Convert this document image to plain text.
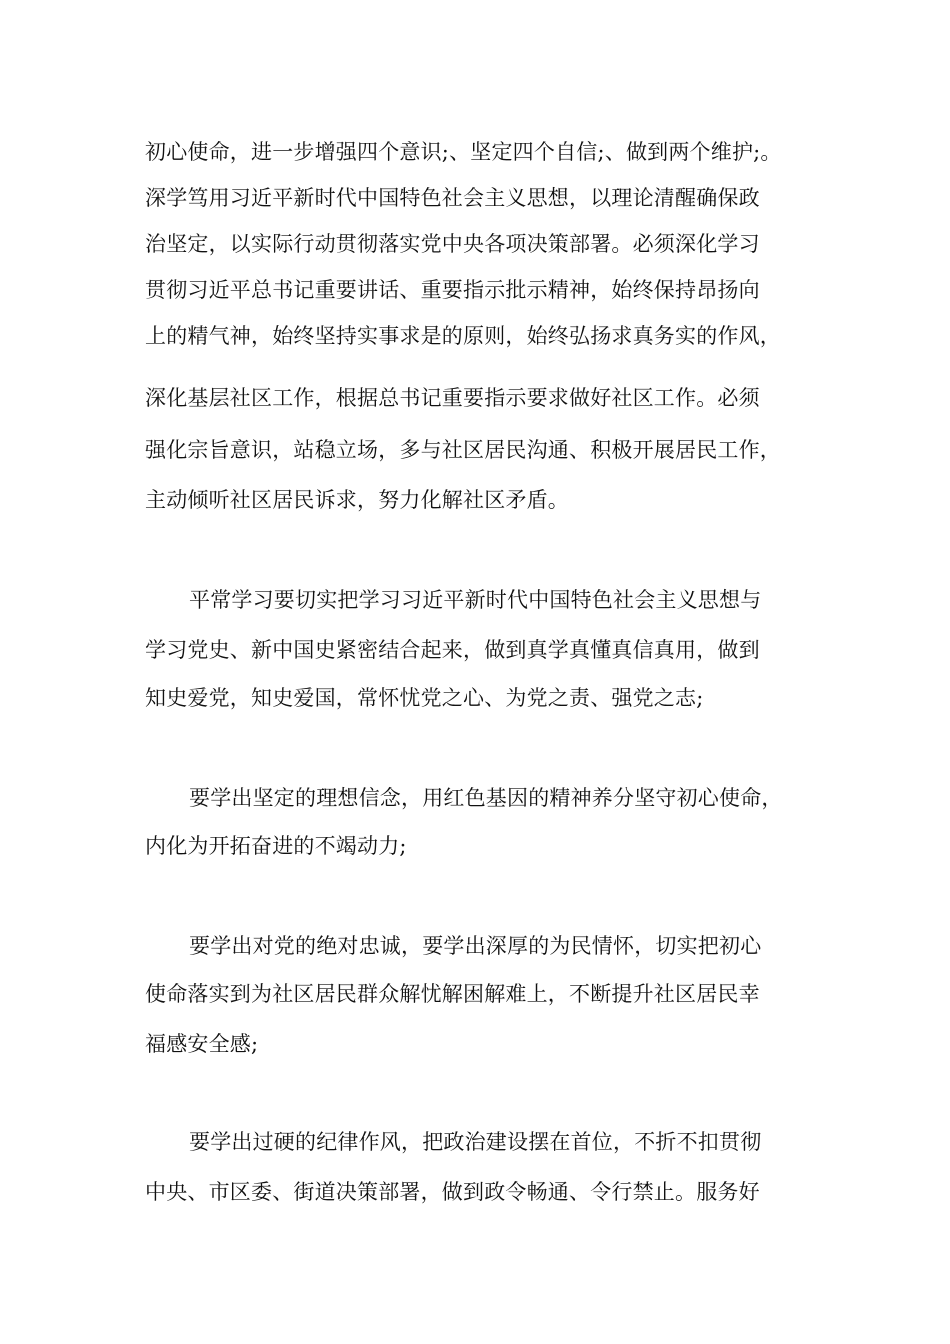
初心使命，进一步增强四个意识;、坚定四个自信;、做到两个维护;。
深学笃用习近平新时代中国特色社会主义思想，以理论清醒确保政
治坚定，以实际行动贯彻落实党中央各项决策部署。必须深化学习
贯彻习近平总书记重要讲话、重要指示批示精神，始终保持昂扬向
上的精气神，始终坚持实事求是的原则，始终弘扬求真务实的作风，
深化基层社区工作，根据总书记重要指示要求做好社区工作。必须
强化宗旨意识，站稳立场，多与社区居民沟通、积极开展居民工作，
主动倾听社区居民诉求，努力化解社区矛盾。
平常学习要切实把学习习近平新时代中国特色社会主义思想与
学习党史、新中国史紧密结合起来，做到真学真懂真信真用，做到
知史爱党，知史爱国，常怀忧党之心、为党之责、强党之志;
要学出坚定的理想信念，用红色基因的精神养分坚守初心使命，
内化为开拓奋进的不竭动力;
要学出对党的绝对忠诚，要学出深厚的为民情怀，切实把初心
使命落实到为社区居民群众解忧解困解难上，不断提升社区居民幸
福感安全感;
要学出过硬的纪律作风，把政治建设摆在首位，不折不扣贯彻
中央、市区委、街道决策部署，做到政令畅通、令行禁止。服务好
